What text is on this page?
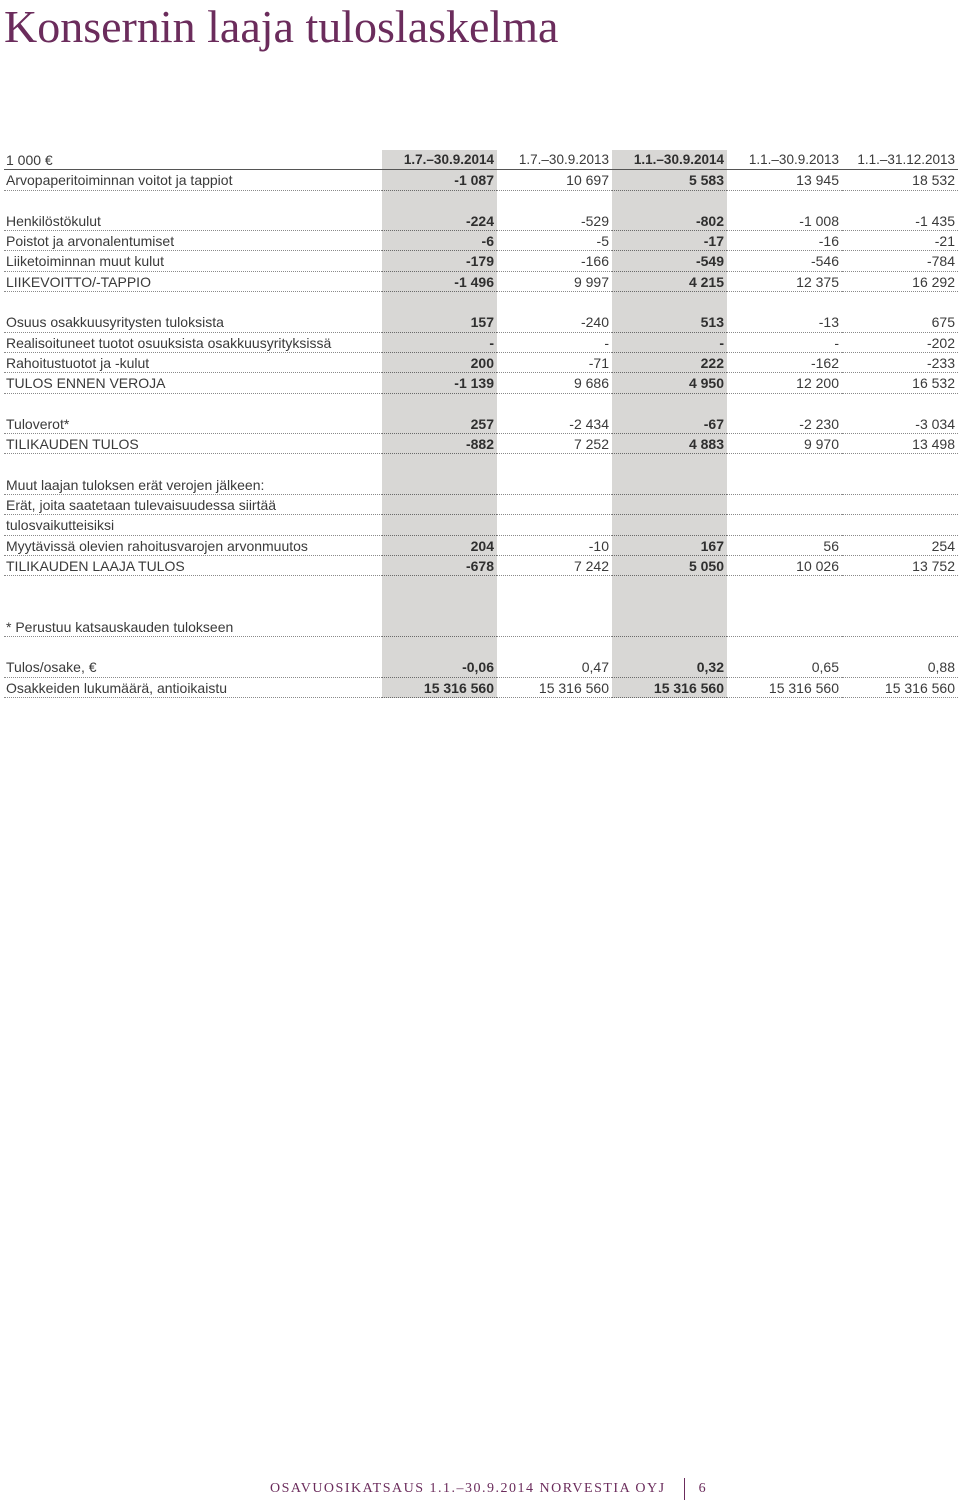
Konsernin laaja tuloslaskelma
1 000 €	1.7.–30.9.2014	1.7.–30.9.2013	1.1.–30.9.2014	1.1.–30.9.2013	1.1.–31.12.2013
Arvopaperitoiminnan voitot ja tappiot	-1 087	10 697	5 583	13 945	18 532
Henkilöstökulut	-224	-529	-802	-1 008	-1 435
Poistot ja arvonalentumiset	-6	-5	-17	-16	-21
Liiketoiminnan muut kulut	-179	-166	-549	-546	-784
LIIKEVOITTO/-TAPPIO	-1 496	9 997	4 215	12 375	16 292
Osuus osakkuusyritysten tuloksista	157	-240	513	-13	675
Realisoituneet tuotot osuuksista osakkuusyrityksissä	-	-	-	-	-202
Rahoitustuotot ja -kulut	200	-71	222	-162	-233
TULOS ENNEN VEROJA	-1 139	9 686	4 950	12 200	16 532
Tuloverot*	257	-2 434	-67	-2 230	-3 034
TILIKAUDEN TULOS	-882	7 252	4 883	9 970	13 498
Muut laajan tuloksen erät verojen jälkeen:
Erät, joita saatetaan tulevaisuudessa siirtää
tulosvaikutteisiksi
Myytävissä olevien rahoitusvarojen arvonmuutos	204	-10	167	56	254
TILIKAUDEN LAAJA TULOS	-678	7 242	5 050	10 026	13 752
* Perustuu katsauskauden tulokseen
Tulos/osake, €	-0,06	0,47	0,32	0,65	0,88
Osakkeiden lukumäärä, antioikaistu	15 316 560	15 316 560	15 316 560	15 316 560	15 316 560
OSAVUOSIKATSAUS 1.1.–30.9.2014 NORVESTIA OYJ 6
